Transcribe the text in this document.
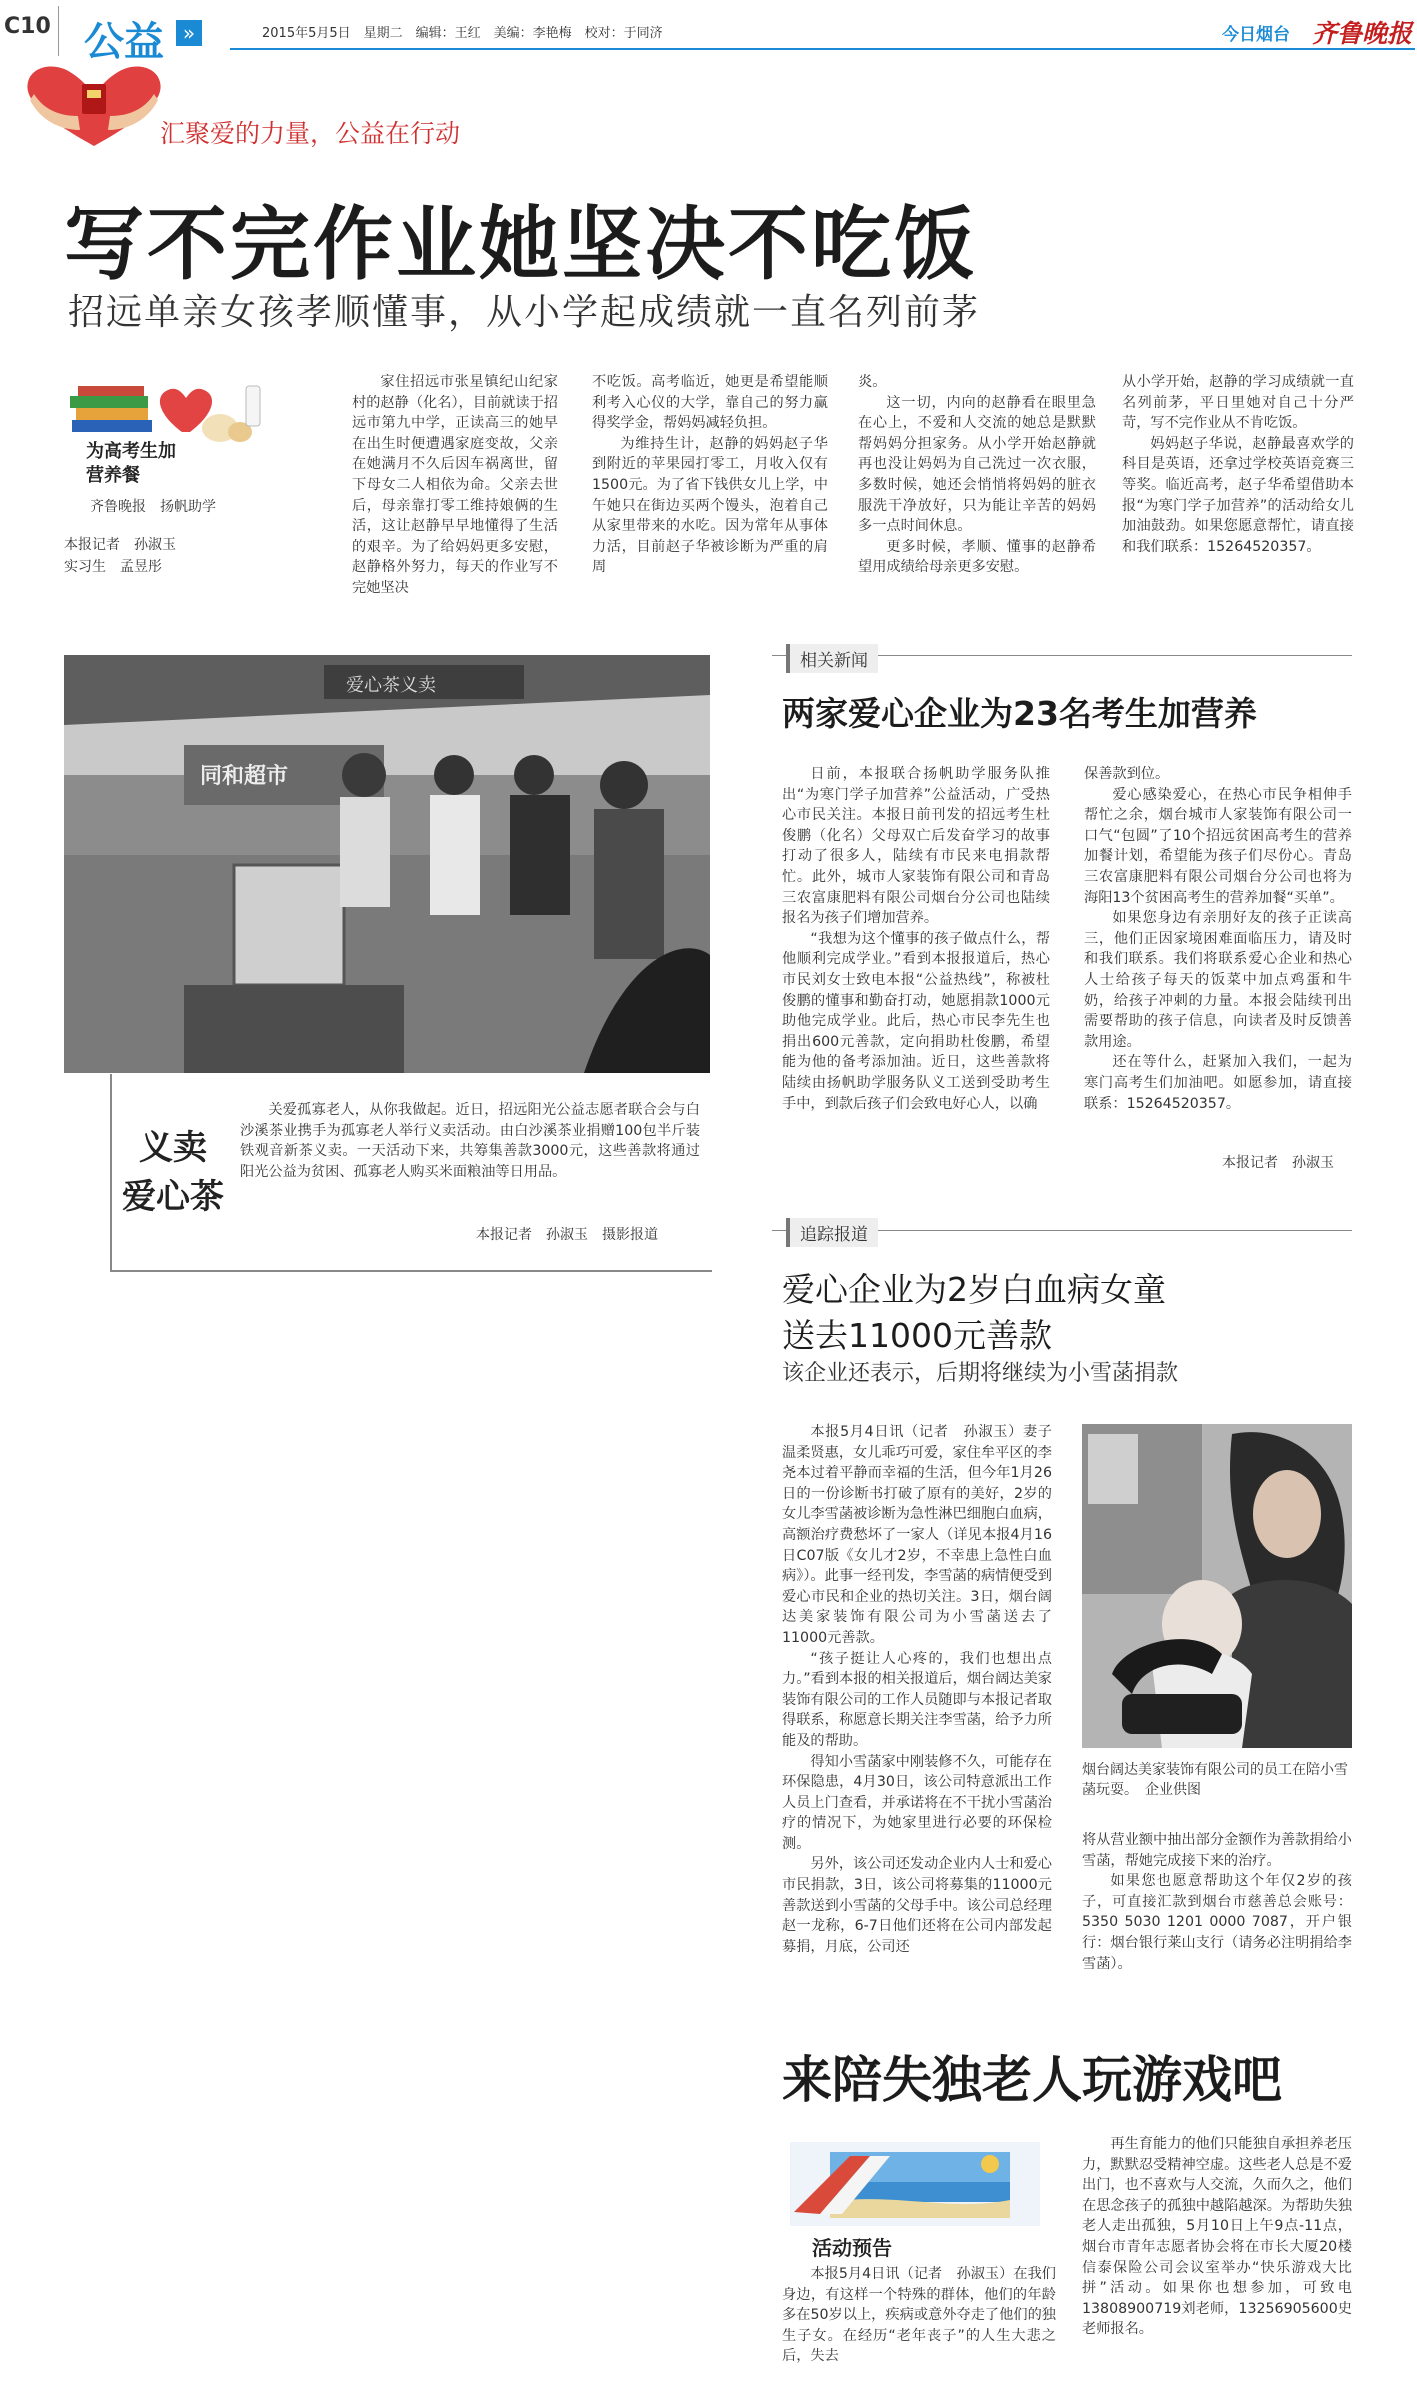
C10 公益 »	2015年5月5日　星期二　编辑：王红　美编：李艳梅　校对：于同济	今日烟台 齐鲁晚报
汇聚爱的力量，公益在行动
写不完作业她坚决不吃饭
招远单亲女孩孝顺懂事，从小学起成绩就一直名列前茅
为高考生加营养餐
齐鲁晚报　扬帆助学
本报记者　孙淑玉
实习生　孟昱彤

家住招远市张星镇纪山纪家村的赵静（化名），目前就读于招远市第九中学，正读高三的她早在出生时便遭遇家庭变故，父亲在她满月不久后因车祸离世，留下母女二人相依为命。父亲去世后，母亲靠打零工维持娘俩的生活，这让赵静早早地懂得了生活的艰辛。为了给妈妈更多安慰，赵静格外努力，每天的作业写不完她坚决

不吃饭。高考临近，她更是希望能顺利考入心仪的大学，靠自己的努力赢得奖学金，帮妈妈减轻负担。

为维持生计，赵静的妈妈赵子华到附近的苹果园打零工，月收入仅有1500元。为了省下钱供女儿上学，中午她只在街边买两个馒头，泡着自己从家里带来的水吃。因为常年从事体力活，目前赵子华被诊断为严重的肩周

炎。

这一切，内向的赵静看在眼里急在心上，不爱和人交流的她总是默默帮妈妈分担家务。从小学开始赵静就再也没让妈妈为自己洗过一次衣服，多数时候，她还会悄悄将妈妈的脏衣服洗干净放好，只为能让辛苦的妈妈多一点时间休息。

更多时候，孝顺、懂事的赵静希望用成绩给母亲更多安慰。

从小学开始，赵静的学习成绩就一直名列前茅，平日里她对自己十分严苛，写不完作业从不肯吃饭。

妈妈赵子华说，赵静最喜欢学的科目是英语，还拿过学校英语竞赛三等奖。临近高考，赵子华希望借助本报“为寒门学子加营养”的活动给女儿加油鼓劲。如果您愿意帮忙，请直接和我们联系：15264520357。

爱心茶义卖
同和超市
义卖
爱心茶

关爱孤寡老人，从你我做起。近日，招远阳光公益志愿者联合会与白沙溪茶业携手为孤寡老人举行义卖活动。由白沙溪茶业捐赠100包半斤装铁观音新茶义卖。一天活动下来，共筹集善款3000元，这些善款将通过阳光公益为贫困、孤寡老人购买米面粮油等日用品。

本报记者　孙淑玉　摄影报道
相关新闻
两家爱心企业为23名考生加营养

日前，本报联合扬帆助学服务队推出“为寒门学子加营养”公益活动，广受热心市民关注。本报日前刊发的招远考生杜俊鹏（化名）父母双亡后发奋学习的故事打动了很多人，陆续有市民来电捐款帮忙。此外，城市人家装饰有限公司和青岛三农富康肥料有限公司烟台分公司也陆续报名为孩子们增加营养。

“我想为这个懂事的孩子做点什么，帮他顺利完成学业。”看到本报报道后，热心市民刘女士致电本报“公益热线”，称被杜俊鹏的懂事和勤奋打动，她愿捐款1000元助他完成学业。此后，热心市民李先生也捐出600元善款，定向捐助杜俊鹏，希望能为他的备考添加油。近日，这些善款将陆续由扬帆助学服务队义工送到受助考生手中，到款后孩子们会致电好心人，以确

保善款到位。

爱心感染爱心，在热心市民争相伸手帮忙之余，烟台城市人家装饰有限公司一口气“包圆”了10个招远贫困高考生的营养加餐计划，希望能为孩子们尽份心。青岛三农富康肥料有限公司烟台分公司也将为海阳13个贫困高考生的营养加餐“买单”。

如果您身边有亲朋好友的孩子正读高三，他们正因家境困难面临压力，请及时和我们联系。我们将联系爱心企业和热心人士给孩子每天的饭菜中加点鸡蛋和牛奶，给孩子冲刺的力量。本报会陆续刊出需要帮助的孩子信息，向读者及时反馈善款用途。

还在等什么，赶紧加入我们，一起为寒门高考生们加油吧。如愿参加，请直接联系：15264520357。

本报记者　孙淑玉
追踪报道
爱心企业为2岁白血病女童
送去11000元善款
该企业还表示，后期将继续为小雪菡捐款

本报5月4日讯（记者　孙淑玉）妻子温柔贤惠，女儿乖巧可爱，家住牟平区的李尧本过着平静而幸福的生活，但今年1月26日的一份诊断书打破了原有的美好，2岁的女儿李雪菡被诊断为急性淋巴细胞白血病，高额治疗费愁坏了一家人（详见本报4月16日C07版《女儿才2岁，不幸患上急性白血病》）。此事一经刊发，李雪菡的病情便受到爱心市民和企业的热切关注。3日，烟台阔达美家装饰有限公司为小雪菡送去了11000元善款。

“孩子挺让人心疼的，我们也想出点力。”看到本报的相关报道后，烟台阔达美家装饰有限公司的工作人员随即与本报记者取得联系，称愿意长期关注李雪菡，给予力所能及的帮助。

得知小雪菡家中刚装修不久，可能存在环保隐患，4月30日，该公司特意派出工作人员上门查看，并承诺将在不干扰小雪菡治疗的情况下，为她家里进行必要的环保检测。

另外，该公司还发动企业内人士和爱心市民捐款，3日，该公司将募集的11000元善款送到小雪菡的父母手中。该公司总经理赵一龙称，6-7日他们还将在公司内部发起募捐，月底，公司还

烟台阔达美家装饰有限公司的员工在陪小雪菡玩耍。　企业供图

将从营业额中抽出部分金额作为善款捐给小雪菡，帮她完成接下来的治疗。

如果您也愿意帮助这个年仅2岁的孩子，可直接汇款到烟台市慈善总会账号：5350 5030 1201 0000 7087，开户银行：烟台银行莱山支行（请务必注明捐给李雪菡）。

来陪失独老人玩游戏吧
活动预告

本报5月4日讯（记者　孙淑玉）在我们身边，有这样一个特殊的群体，他们的年龄多在50岁以上，疾病或意外夺走了他们的独生子女。在经历“老年丧子”的人生大悲之后，失去

再生育能力的他们只能独自承担养老压力，默默忍受精神空虚。这些老人总是不爱出门，也不喜欢与人交流，久而久之，他们在思念孩子的孤独中越陷越深。为帮助失独老人走出孤独，5月10日上午9点-11点，烟台市青年志愿者协会将在市长大厦20楼信泰保险公司会议室举办“快乐游戏大比拼”活动。如果你也想参加，可致电13808900719刘老师，13256905600史老师报名。
